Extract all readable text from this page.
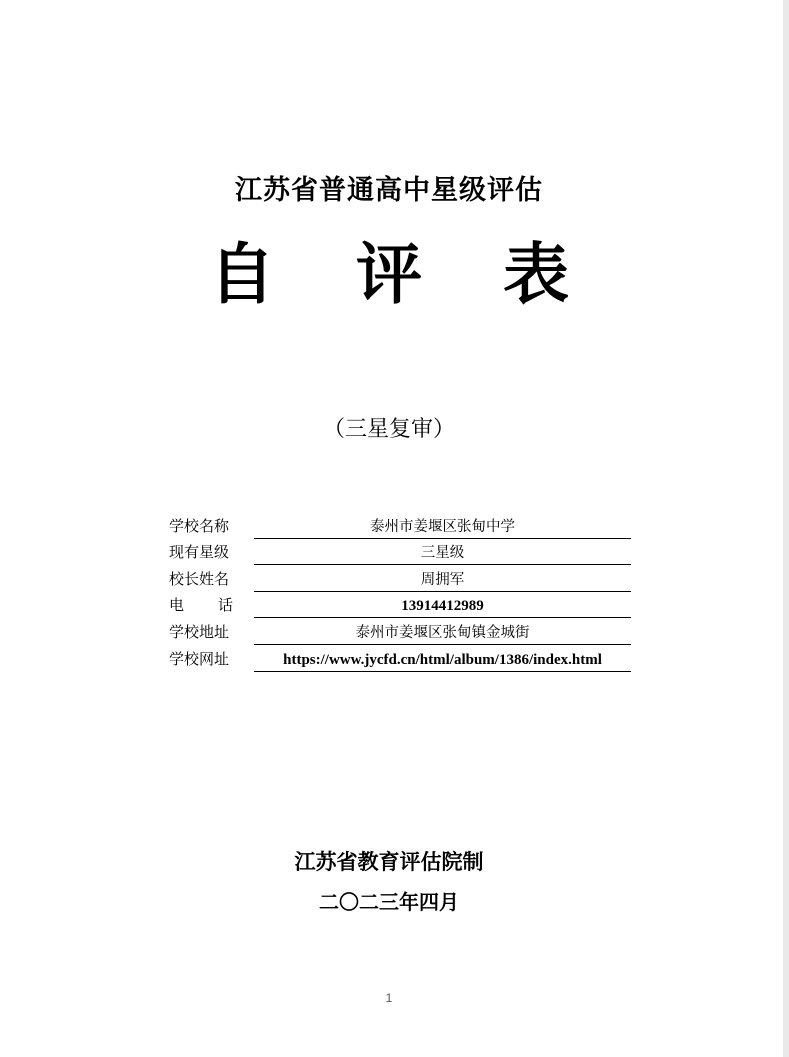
江苏省普通高中星级评估
自 评 表
（三星复审）
学校名称	泰州市姜堰区张甸中学
现有星级	三星级
校长姓名	周拥军
电 话	13914412989
学校地址	泰州市姜堰区张甸镇金城街
学校网址	https://www.jycfd.cn/html/album/1386/index.html
江苏省教育评估院制
二〇二三年四月
1
